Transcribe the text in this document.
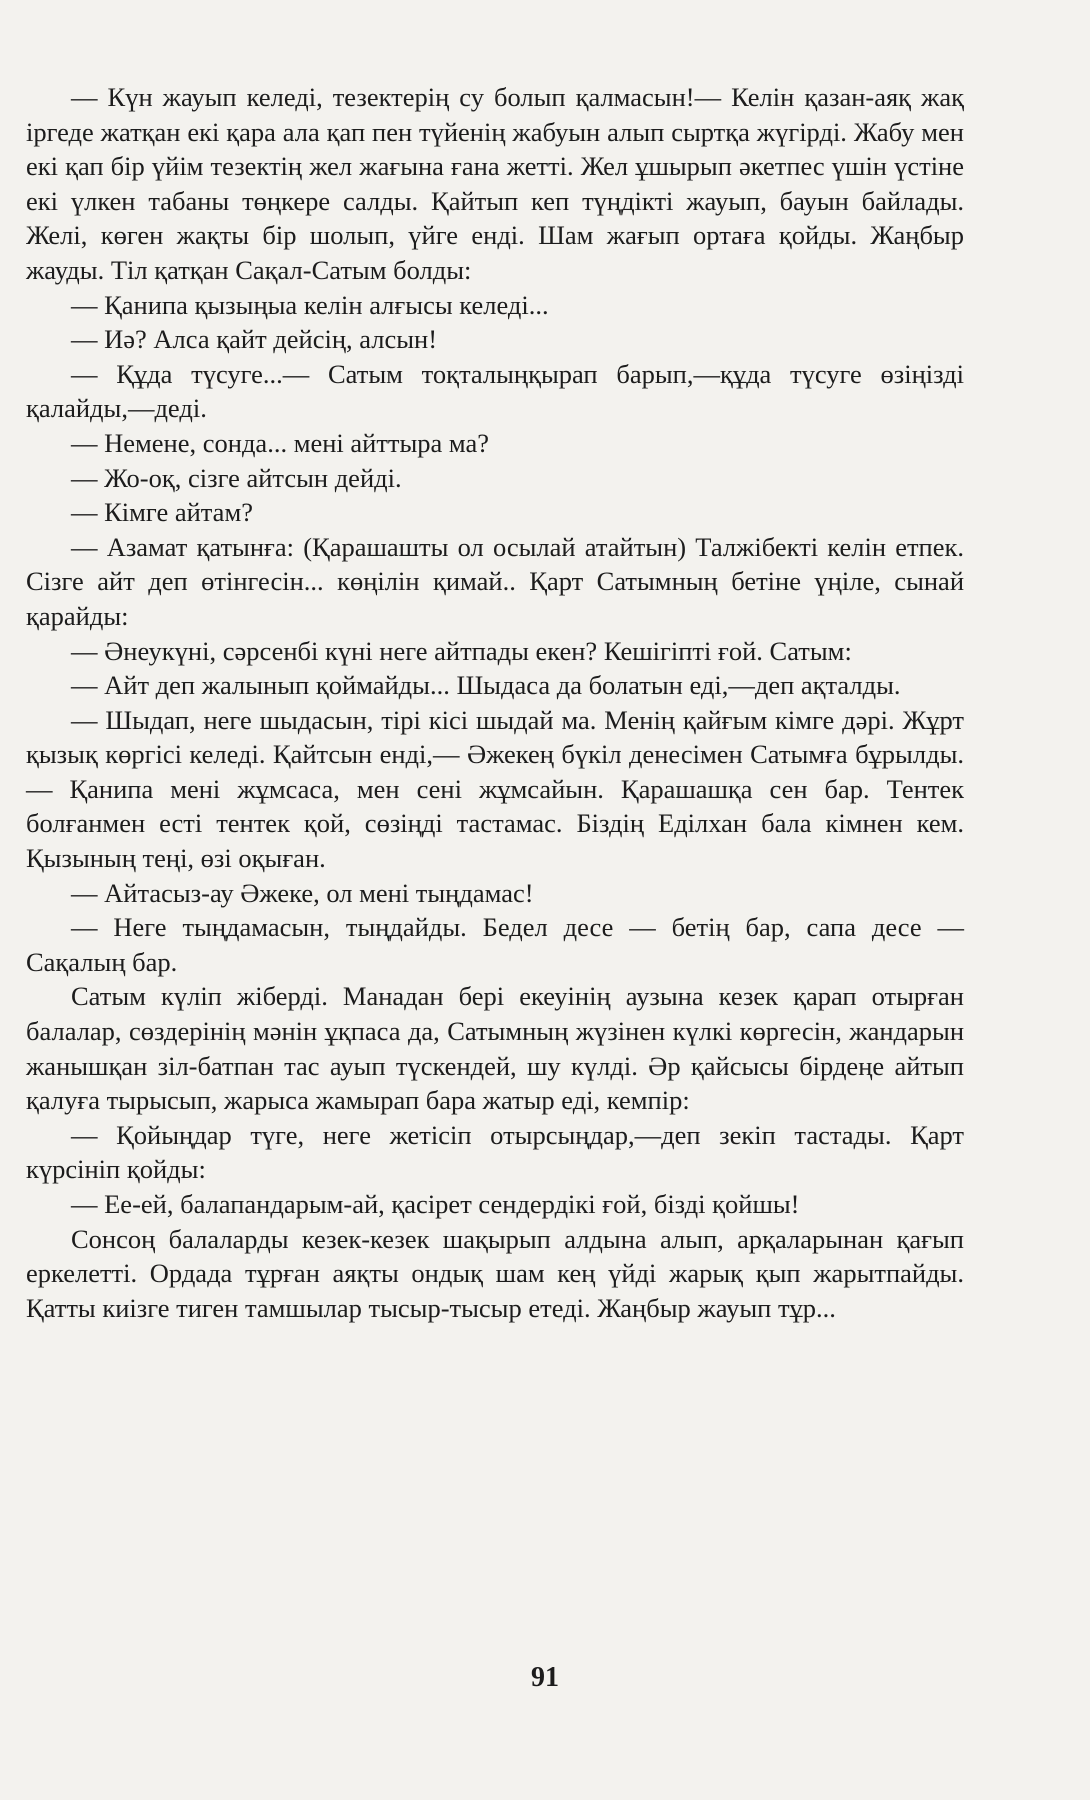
— Күн жауып келеді, тезектерің су болып қалмасын!— Келін қазан-аяқ жақ іргеде жатқан екі қара ала қап пен түйенің жабуын алып сыртқа жүгірді. Жабу мен екі қап бір үйім тезектің жел жағына ғана жетті. Жел ұшырып әкетпес үшін үстіне екі үлкен табаны төңкере салды. Қайтып кеп түңдікті жауып, бауын байлады. Желі, көген жақты бір шолып, үйге енді. Шам жағып ортаға қойды. Жаңбыр жауды. Тіл қатқан Сақал-Сатым болды:

— Қанипа қызыңыа келін алғысы келеді...

— Иә? Алса қайт дейсің, алсын!

— Құда түсуге...— Сатым тоқталыңқырап барып,—құда түсуге өзіңізді қалайды,—деді.

— Немене, сонда... мені айттыра ма?

— Жо-оқ, сізге айтсын дейді.

— Кімге айтам?

— Азамат қатынға: (Қарашашты ол осылай атайтын) Талжібекті келін етпек. Сізге айт деп өтінгесін... көңілін қимай.. Қарт Сатымның бетіне үңіле, сынай қарайды:

— Әнеукүні, сәрсенбі күні неге айтпады екен? Кешігіпті ғой. Сатым:

— Айт деп жалынып қоймайды... Шыдаса да болатын еді,—деп ақталды.

— Шыдап, неге шыдасын, тірі кісі шыдай ма. Менің қайғым кімге дәрі. Жұрт қызық көргісі келеді. Қайтсын енді,— Әжекең бүкіл денесімен Сатымға бұрылды.— Қанипа мені жұмсаса, мен сені жұмсайын. Қарашашқа сен бар. Тентек болғанмен есті тентек қой, сөзіңді тастамас. Біздің Еділхан бала кімнен кем. Қызының теңі, өзі оқыған.

— Айтасыз-ау Әжеке, ол мені тыңдамас!

— Неге тыңдамасын, тыңдайды. Бедел десе — бетің бар, сапа десе — Сақалың бар.

Сатым күліп жіберді. Манадан бері екеуінің аузына кезек қарап отырған балалар, сөздерінің мәнін ұқпаса да, Сатымның жүзінен күлкі көргесін, жандарын жанышқан зіл-батпан тас ауып түскендей, шу күлді. Әр қайсысы бірдеңе айтып қалуға тырысып, жарыса жамырап бара жатыр еді, кемпір:

— Қойыңдар түге, неге жетісіп отырсыңдар,—деп зекіп тастады. Қарт күрсініп қойды:

— Ее-ей, балапандарым-ай, қасірет сендердікі ғой, бізді қойшы!

Сонсоң балаларды кезек-кезек шақырып алдына алып, арқаларынан қағып еркелетті. Ордада тұрған аяқты ондық шам кең үйді жарық қып жарытпайды. Қатты киізге тиген тамшылар тысыр-тысыр етеді. Жаңбыр жауып тұр...

91
